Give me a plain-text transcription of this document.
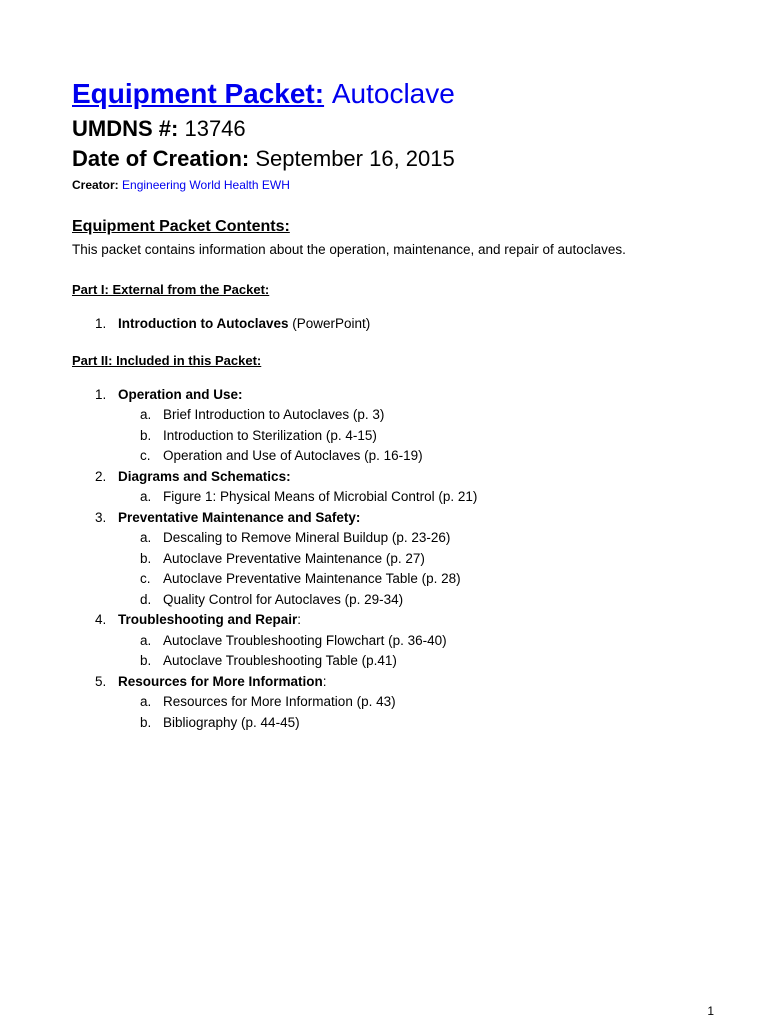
Equipment Packet: Autoclave

UMDNS #: 13746

Date of Creation: September 16, 2015

Creator: Engineering World Health EWH

Equipment Packet Contents:

This packet contains information about the operation, maintenance, and repair of autoclaves.

Part I: External from the Packet:
1. Introduction to Autoclaves (PowerPoint)
Part II: Included in this Packet:
1. Operation and Use:
a. Brief Introduction to Autoclaves (p. 3)
b. Introduction to Sterilization (p. 4-15)
c. Operation and Use of Autoclaves (p. 16-19)
2. Diagrams and Schematics:
a. Figure 1: Physical Means of Microbial Control (p. 21)
3. Preventative Maintenance and Safety:
a. Descaling to Remove Mineral Buildup (p. 23-26)
b. Autoclave Preventative Maintenance (p. 27)
c. Autoclave Preventative Maintenance Table (p. 28)
d. Quality Control for Autoclaves (p. 29-34)
4. Troubleshooting and Repair:
a. Autoclave Troubleshooting Flowchart (p. 36-40)
b. Autoclave Troubleshooting Table (p.41)
5. Resources for More Information:
a. Resources for More Information (p. 43)
b. Bibliography (p. 44-45)
1
